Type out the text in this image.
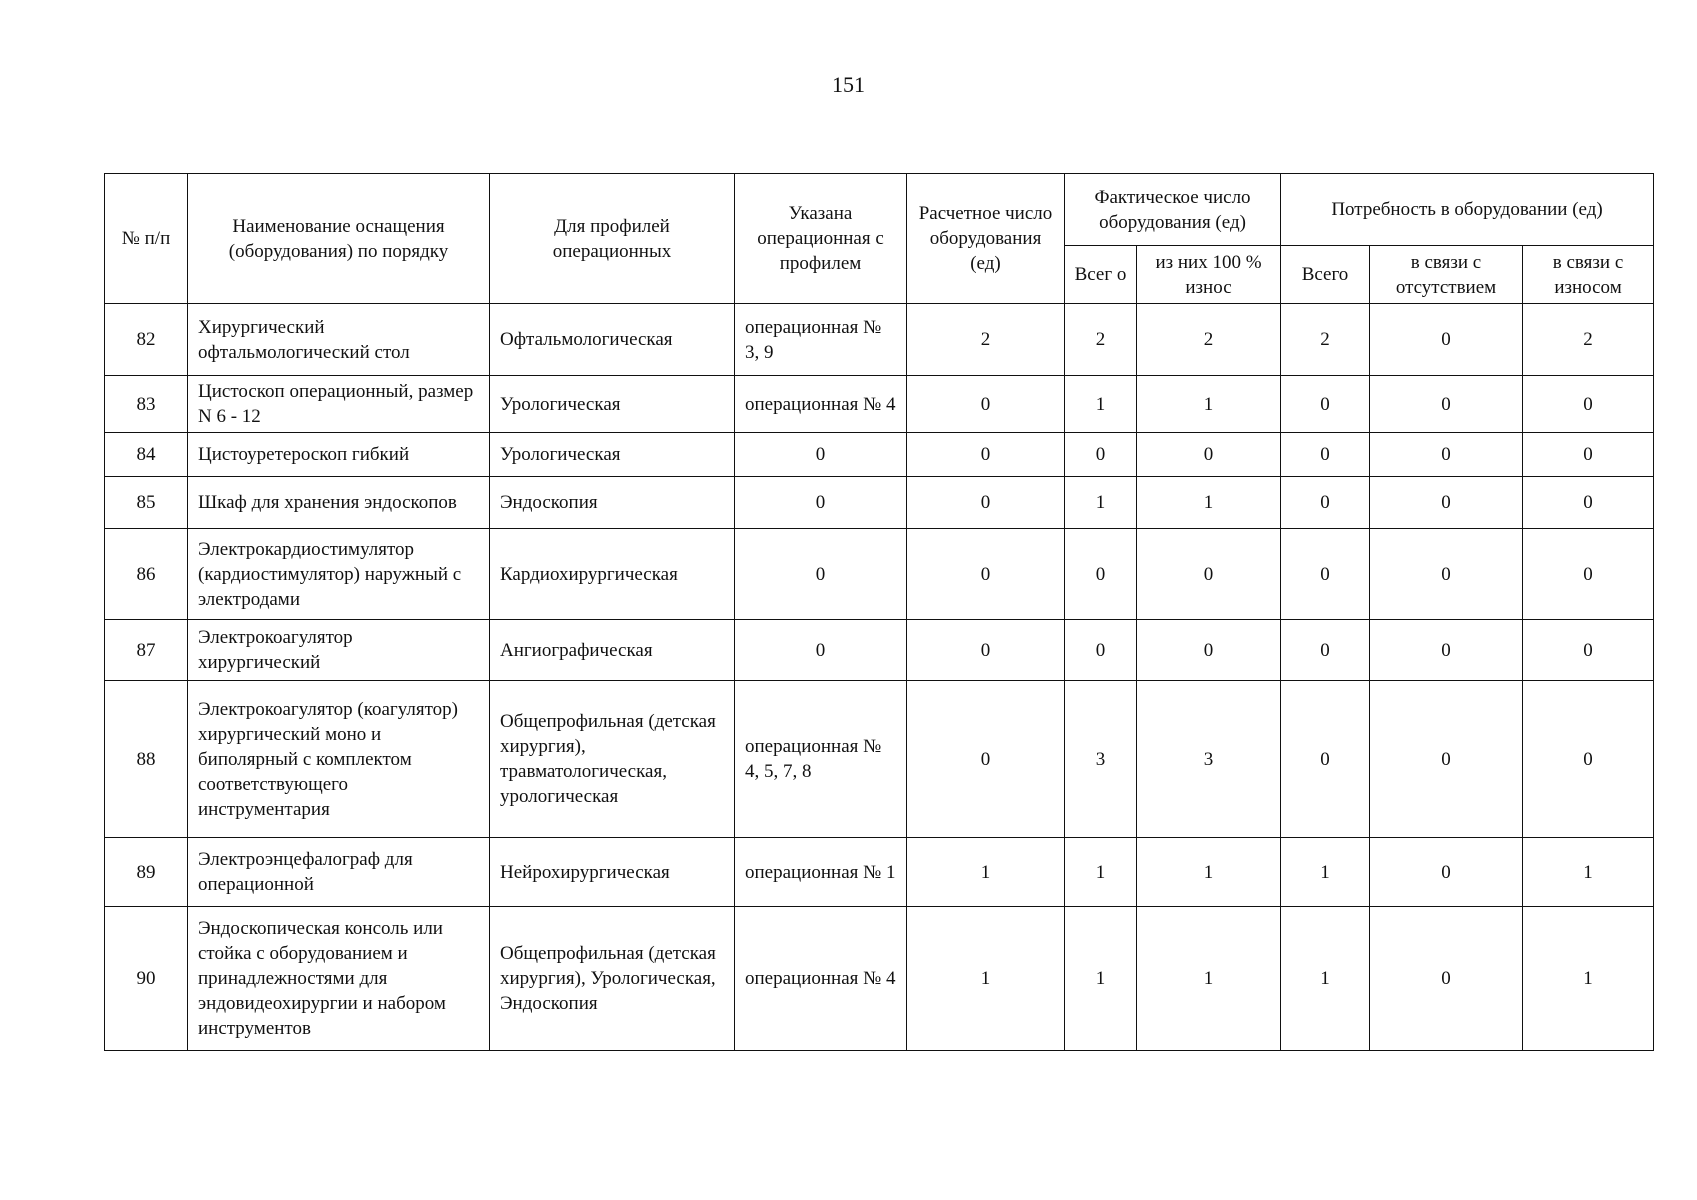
151
№ п/п	Наименование оснащения (оборудования) по порядку	Для профилей операционных	Указана операционная с профилем	Расчетное число оборудования (ед)	Фактическое число оборудования (ед)		Потребность в оборудовании (ед)		
					Всег о	из них 100 % износ	Всего	в связи с отсутствием	в связи с износом
82	Хирургический офтальмологический стол	Офтальмологическая	операционная № 3, 9	2	2	2	2	0	2
83	Цистоскоп операционный, размер N 6 - 12	Урологическая	операционная № 4	0	1	1	0	0	0
84	Цистоуретероскоп гибкий	Урологическая	0	0	0	0	0	0	0
85	Шкаф для хранения эндоскопов	Эндоскопия	0	0	1	1	0	0	0
86	Электрокардиостимулятор (кардиостимулятор) наружный с электродами	Кардиохирургическая	0	0	0	0	0	0	0
87	Электрокоагулятор хирургический	Ангиографическая	0	0	0	0	0	0	0
88	Электрокоагулятор (коагулятор) хирургический моно и биполярный с комплектом соответствующего инструментария	Общепрофильная (детская хирургия), травматологическая, урологическая	операционная № 4, 5, 7, 8	0	3	3	0	0	0
89	Электроэнцефалограф для операционной	Нейрохирургическая	операционная № 1	1	1	1	1	0	1
90	Эндоскопическая консоль или стойка с оборудованием и принадлежностями для эндовидеохирургии и набором инструментов	Общепрофильная (детская хирургия), Урологическая, Эндоскопия	операционная № 4	1	1	1	1	0	1
